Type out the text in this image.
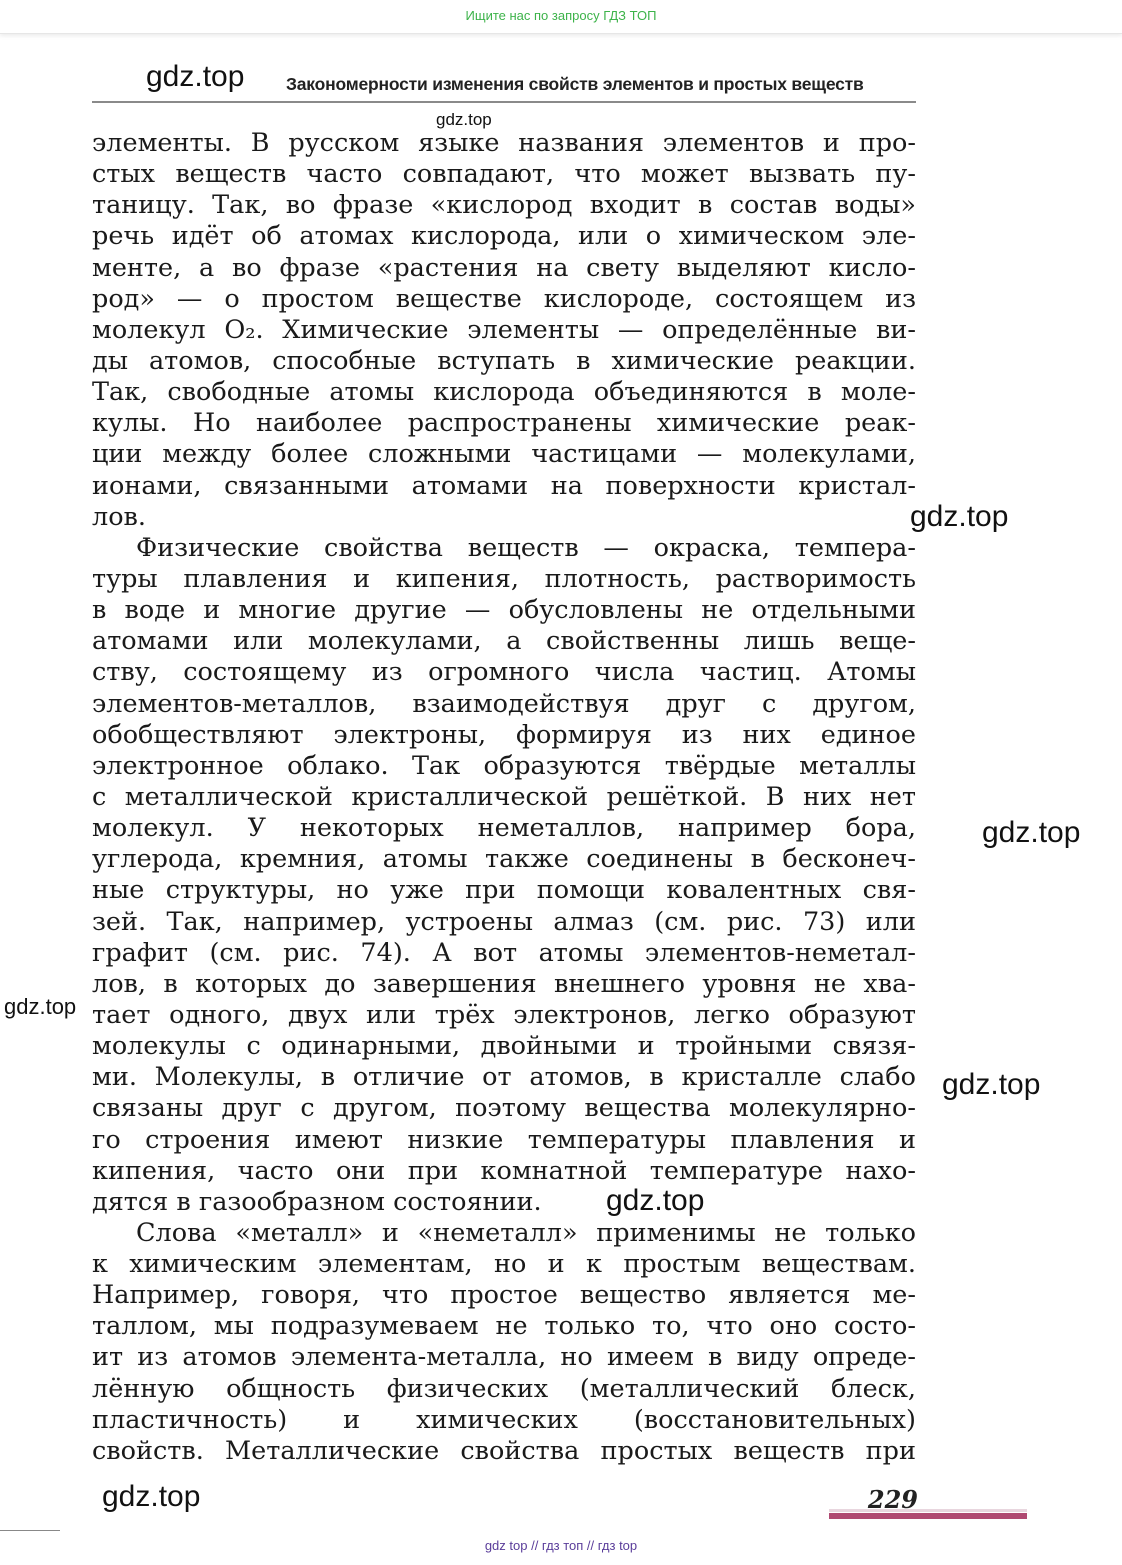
Ищите нас по запросу ГДЗ ТОП
gdz.top Закономерности изменения свойств элементов и простых веществ
gdz.top
элементы. В русском языке названия элементов и про-
стых веществ часто совпадают, что может вызвать пу-
таницу. Так, во фразе «кислород входит в состав воды»
речь идёт об атомах кислорода, или о химическом эле-
менте, а во фразе «растения на свету выделяют кисло-
род» — о простом веществе кислороде, состоящем из
молекул O₂. Химические элементы — определённые ви-
ды атомов, способные вступать в химические реакции.
Так, свободные атомы кислорода объединяются в моле-
кулы. Но наиболее распространены химические реак-
ции между более сложными частицами — молекулами,
ионами, связанными атомами на поверхности кристал-
лов.
Физические свойства веществ — окраска, темпера-
туры плавления и кипения, плотность, растворимость
в воде и многие другие — обусловлены не отдельными
атомами или молекулами, а свойственны лишь веще-
ству, состоящему из огромного числа частиц. Атомы
элементов-металлов, взаимодействуя друг с другом,
обобществляют электроны, формируя из них единое
электронное облако. Так образуются твёрдые металлы
с металлической кристаллической решёткой. В них нет
молекул. У некоторых неметаллов, например бора,
углерода, кремния, атомы также соединены в бесконеч-
ные структуры, но уже при помощи ковалентных свя-
зей. Так, например, устроены алмаз (см. рис. 73) или
графит (см. рис. 74). А вот атомы элементов-неметал-
лов, в которых до завершения внешнего уровня не хва-
тает одного, двух или трёх электронов, легко образуют
молекулы с одинарными, двойными и тройными связя-
ми. Молекулы, в отличие от атомов, в кристалле слабо
связаны друг с другом, поэтому вещества молекулярно-
го строения имеют низкие температуры плавления и
кипения, часто они при комнатной температуре нахо-
дятся в газообразном состоянии.
Слова «металл» и «неметалл» применимы не только
к химическим элементам, но и к простым веществам.
Например, говоря, что простое вещество является ме-
таллом, мы подразумеваем не только то, что оно состо-
ит из атомов элемента-металла, но имеем в виду опреде-
лённую общность физических (металлический блеск,
пластичность) и химических (восстановительных)
свойств. Металлические свойства простых веществ при
gdz.top
gdz.top
gdz.top
gdz.top
gdz.top
gdz.top	229
gdz top // гдз топ // гдз top
